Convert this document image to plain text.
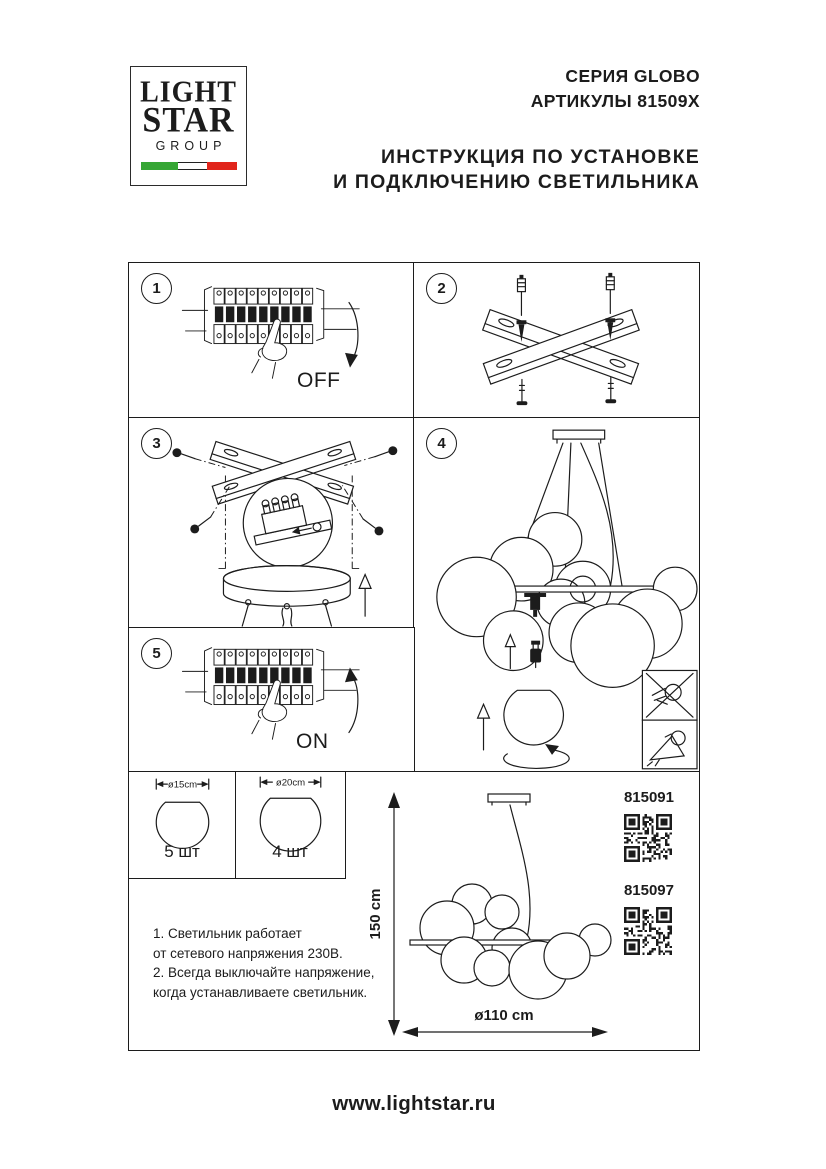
LIGHT
STAR
GROUP
СЕРИЯ GLOBO
АРТИКУЛЫ 81509X
ИНСТРУКЦИЯ ПО УСТАНОВКЕ
И ПОДКЛЮЧЕНИЮ СВЕТИЛЬНИКА
1
OFF
2
3	4
5
ON
ø15cm
5 шт
ø20cm
4 шт
1. Светильник работает
от сетевого напряжения 230В.
2. Всегда выключайте напряжение,
когда устанавливаете светильник.
150 cm
ø110 cm
815091
815097
www.lightstar.ru
